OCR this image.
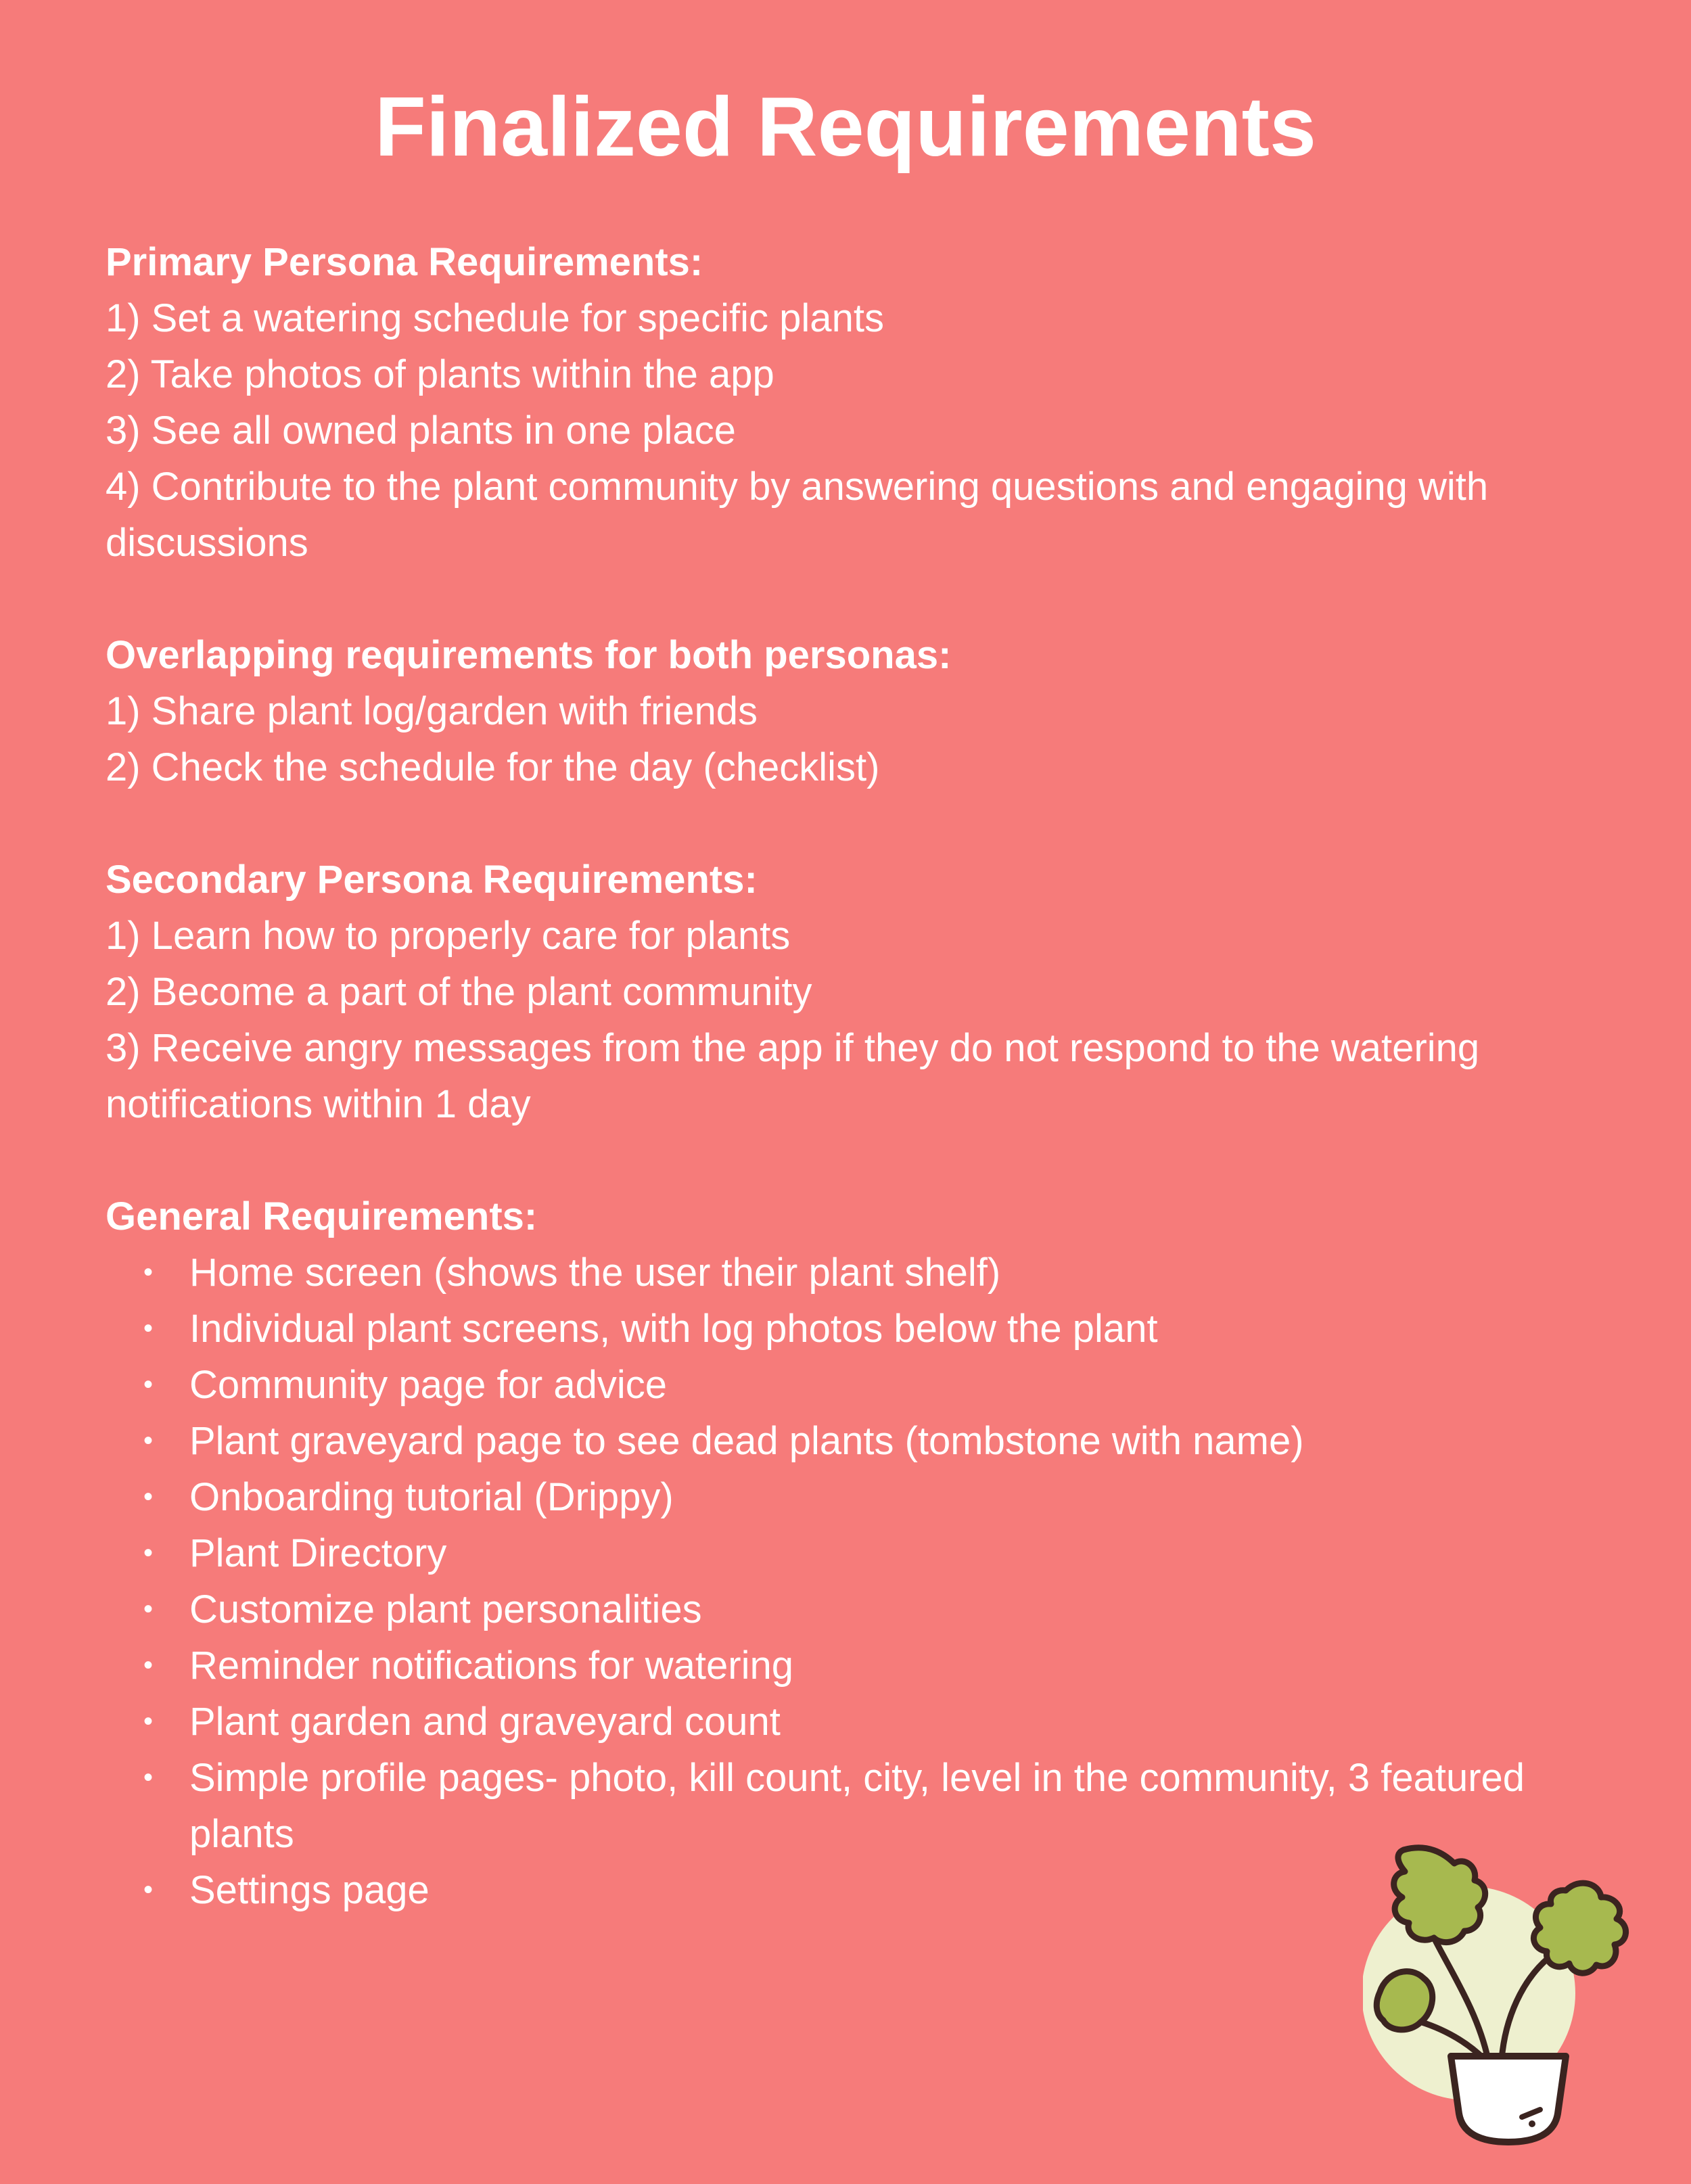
Finalized Requirements

Primary Persona Requirements:

1) Set a watering schedule for specific plants
2) Take photos of plants within the app
3) See all owned plants in one place
4) Contribute to the plant community by answering questions and engaging with discussions

Overlapping requirements for both personas:

1) Share plant log/garden with friends
2) Check the schedule for the day (checklist)

Secondary Persona Requirements:

1) Learn how to properly care for plants
2) Become a part of the plant community
3) Receive angry messages from the app if they do not respond to the watering notifications within 1 day

General Requirements:

• Home screen (shows the user their plant shelf)
• Individual plant screens, with log photos below the plant
• Community page for advice
• Plant graveyard page to see dead plants (tombstone with name)
• Onboarding tutorial (Drippy)
• Plant Directory
• Customize plant personalities
• Reminder notifications for watering
• Plant garden and graveyard count
• Simple profile pages- photo, kill count, city, level in the community, 3 featured plants
• Settings page
